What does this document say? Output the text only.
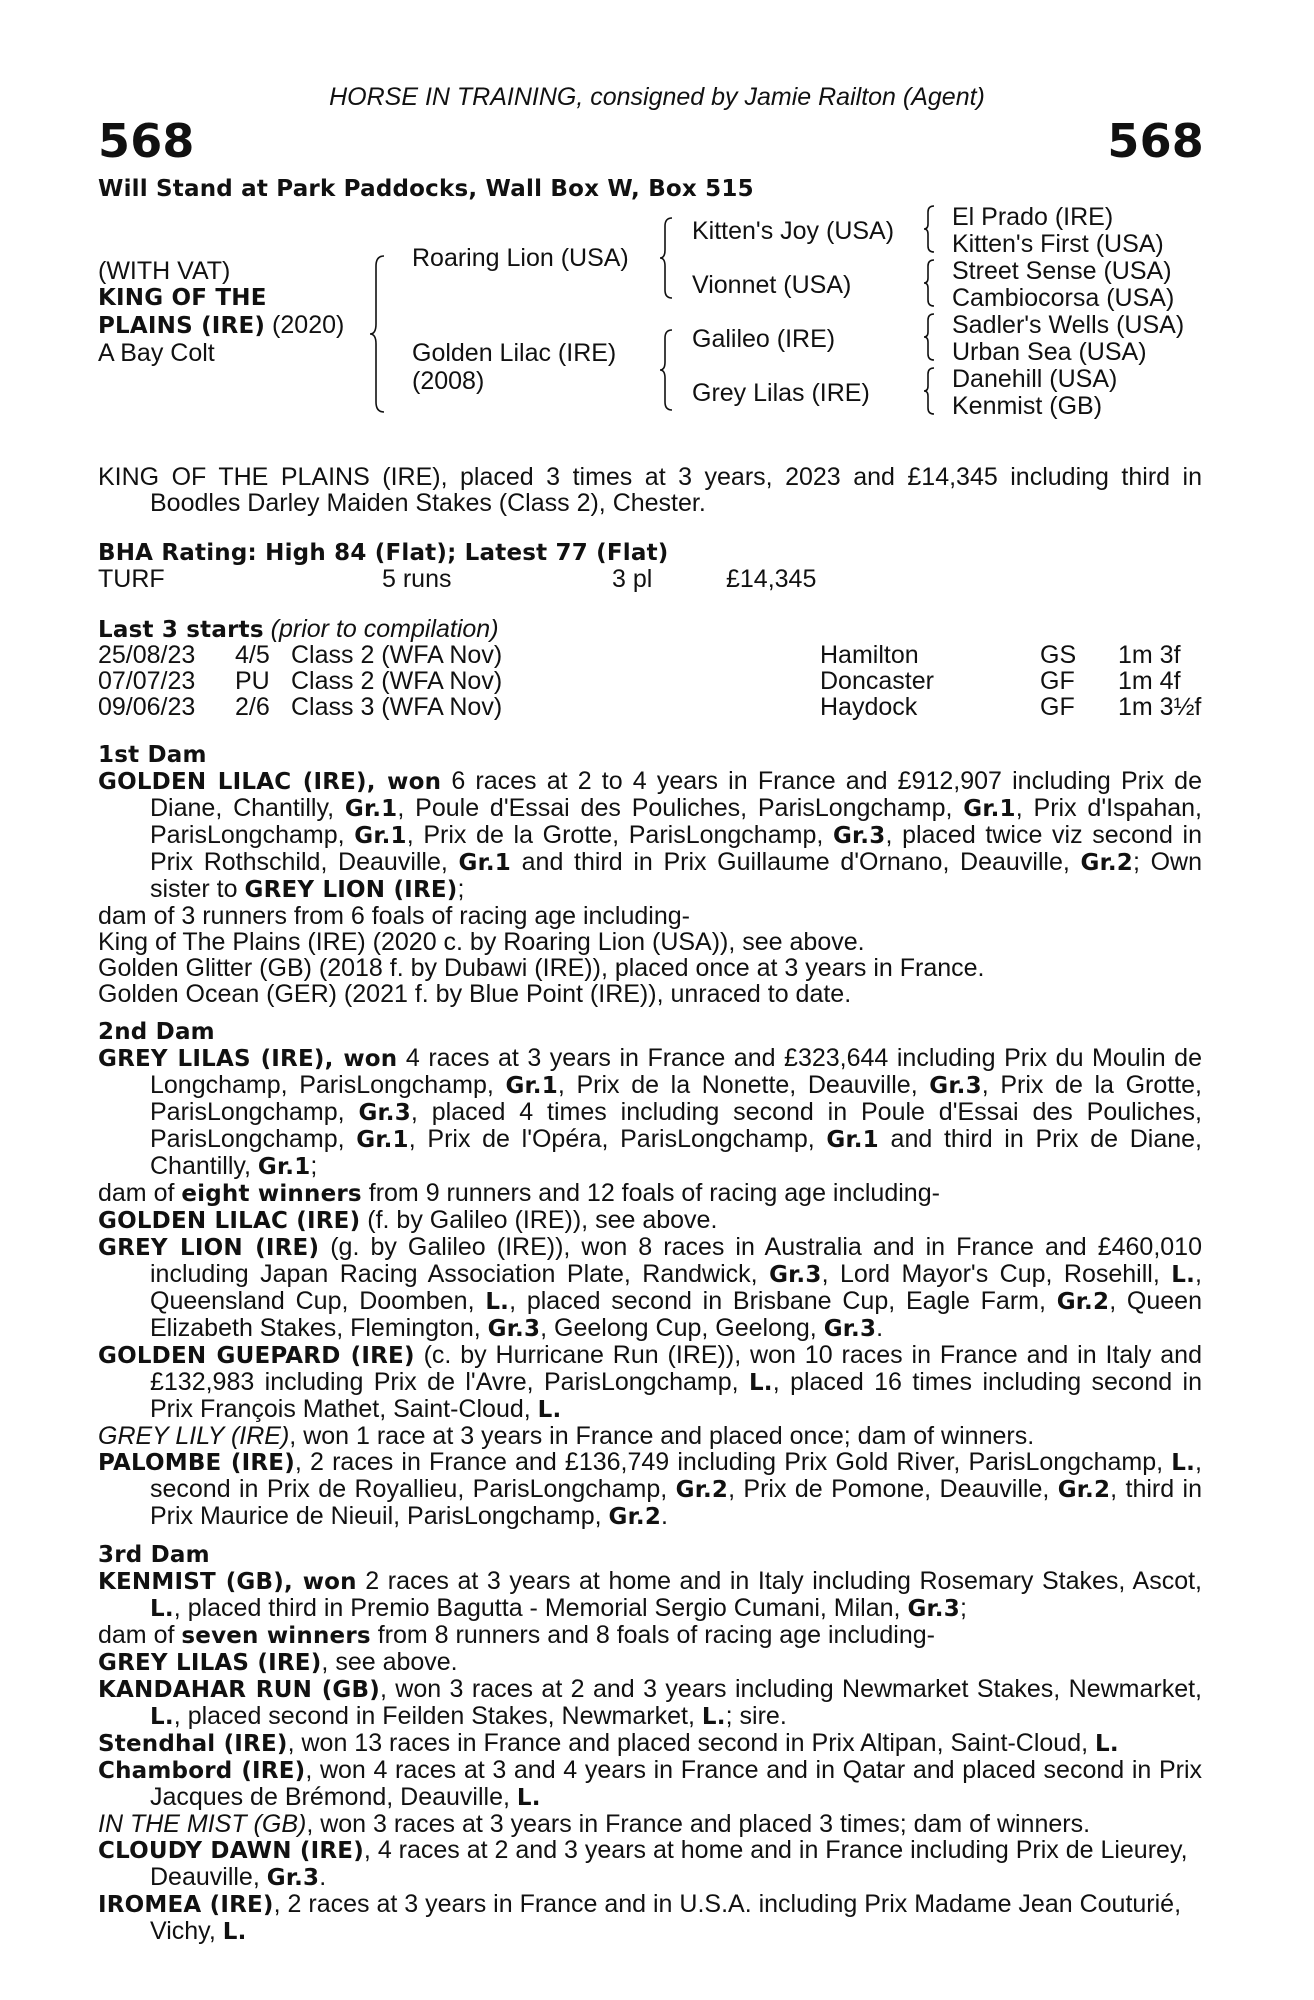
HORSE IN TRAINING, consigned by Jamie Railton (Agent)
568	568
Will Stand at Park Paddocks, Wall Box W, Box 515
(WITH VAT)
KING OF THE
PLAINS (IRE) (2020)
A Bay Colt
Roaring Lion (USA)
Golden Lilac (IRE)
(2008)
Kitten's Joy (USA)
Vionnet (USA)
Galileo (IRE)
Grey Lilas (IRE)
El Prado (IRE)
Kitten's First (USA)
Street Sense (USA)
Cambiocorsa (USA)
Sadler's Wells (USA)
Urban Sea (USA)
Danehill (USA)
Kenmist (GB)
KING OF THE PLAINS (IRE), placed 3 times at 3 years, 2023 and £14,345 including third in
Boodles Darley Maiden Stakes (Class 2), Chester.
BHA Rating: High 84 (Flat); Latest 77 (Flat)
TURF	5 runs	3 pl	£14,345
Last 3 starts (prior to compilation)
25/08/23 4/5 Class 2 (WFA Nov)	Hamilton	GS 1m 3f
07/07/23 PU Class 2 (WFA Nov)	Doncaster	GF 1m 4f
09/06/23 2/6 Class 3 (WFA Nov)	Haydock	GF 1m 3½f
1st Dam

GOLDEN LILAC (IRE), won 6 races at 2 to 4 years in France and £912,907 including Prix de Diane, Chantilly, Gr.1, Poule d'Essai des Pouliches, ParisLongchamp, Gr.1, Prix d'Ispahan, ParisLongchamp, Gr.1, Prix de la Grotte, ParisLongchamp, Gr.3, placed twice viz second in Prix Rothschild, Deauville, Gr.1 and third in Prix Guillaume d'Ornano, Deauville, Gr.2; Own sister to GREY LION (IRE);

dam of 3 runners from 6 foals of racing age including-

King of The Plains (IRE) (2020 c. by Roaring Lion (USA)), see above.

Golden Glitter (GB) (2018 f. by Dubawi (IRE)), placed once at 3 years in France.

Golden Ocean (GER) (2021 f. by Blue Point (IRE)), unraced to date.

2nd Dam

GREY LILAS (IRE), won 4 races at 3 years in France and £323,644 including Prix du Moulin de Longchamp, ParisLongchamp, Gr.1, Prix de la Nonette, Deauville, Gr.3, Prix de la Grotte, ParisLongchamp, Gr.3, placed 4 times including second in Poule d'Essai des Pouliches, ParisLongchamp, Gr.1, Prix de l'Opéra, ParisLongchamp, Gr.1 and third in Prix de Diane, Chantilly, Gr.1;

dam of eight winners from 9 runners and 12 foals of racing age including-

GOLDEN LILAC (IRE) (f. by Galileo (IRE)), see above.

GREY LION (IRE) (g. by Galileo (IRE)), won 8 races in Australia and in France and £460,010 including Japan Racing Association Plate, Randwick, Gr.3, Lord Mayor's Cup, Rosehill, L., Queensland Cup, Doomben, L., placed second in Brisbane Cup, Eagle Farm, Gr.2, Queen Elizabeth Stakes, Flemington, Gr.3, Geelong Cup, Geelong, Gr.3.

GOLDEN GUEPARD (IRE) (c. by Hurricane Run (IRE)), won 10 races in France and in Italy and £132,983 including Prix de l'Avre, ParisLongchamp, L., placed 16 times including second in Prix François Mathet, Saint-Cloud, L.

GREY LILY (IRE), won 1 race at 3 years in France and placed once; dam of winners.

PALOMBE (IRE), 2 races in France and £136,749 including Prix Gold River, ParisLongchamp, L., second in Prix de Royallieu, ParisLongchamp, Gr.2, Prix de Pomone, Deauville, Gr.2, third in Prix Maurice de Nieuil, ParisLongchamp, Gr.2.

3rd Dam

KENMIST (GB), won 2 races at 3 years at home and in Italy including Rosemary Stakes, Ascot, L., placed third in Premio Bagutta - Memorial Sergio Cumani, Milan, Gr.3;

dam of seven winners from 8 runners and 8 foals of racing age including-

GREY LILAS (IRE), see above.

KANDAHAR RUN (GB), won 3 races at 2 and 3 years including Newmarket Stakes, Newmarket, L., placed second in Feilden Stakes, Newmarket, L.; sire.

Stendhal (IRE), won 13 races in France and placed second in Prix Altipan, Saint-Cloud, L.

Chambord (IRE), won 4 races at 3 and 4 years in France and in Qatar and placed second in Prix Jacques de Brémond, Deauville, L.

IN THE MIST (GB), won 3 races at 3 years in France and placed 3 times; dam of winners.

CLOUDY DAWN (IRE), 4 races at 2 and 3 years at home and in France including Prix de Lieurey, Deauville, Gr.3.

IROMEA (IRE), 2 races at 3 years in France and in U.S.A. including Prix Madame Jean Couturié, Vichy, L.
